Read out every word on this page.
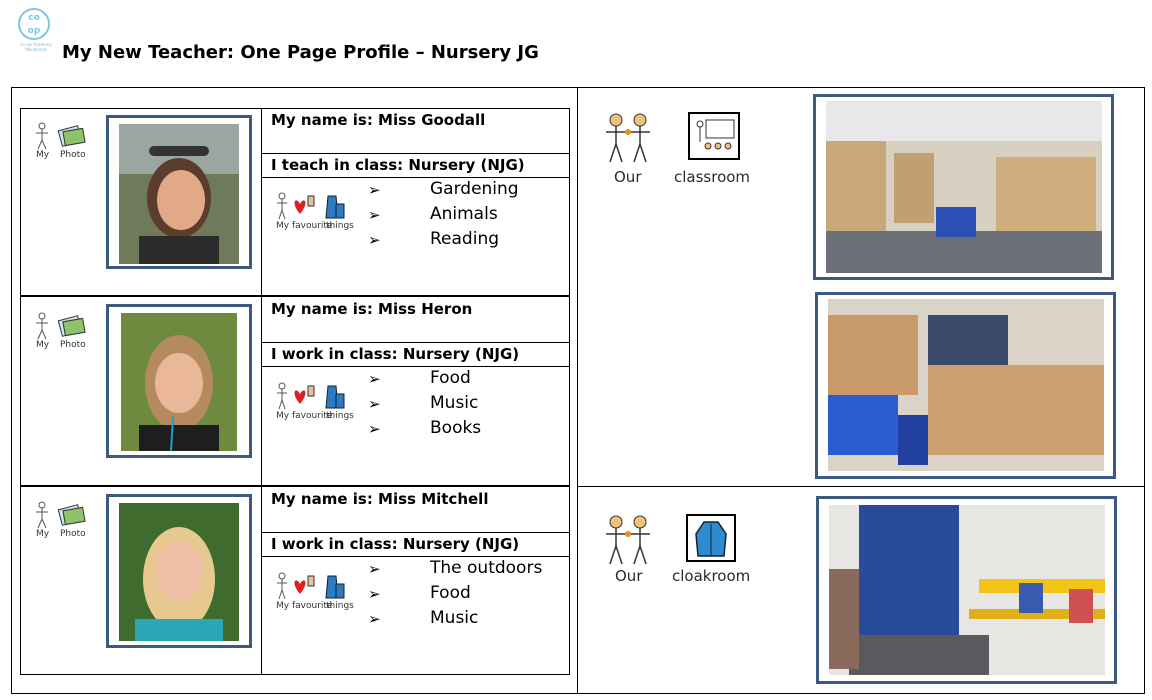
co
op
Co-op Academy Woodlands My New Teacher: One Page Profile – Nursery JG
My Photo
My name is: Miss Goodall
I teach in class: Nursery (NJG)
My favourite
things
➢
➢
➢
Gardening
Animals
Reading
My Photo
My name is: Miss Heron
I work in class: Nursery (NJG)
My favourite
things
➢
➢
➢
Food
Music
Books
My Photo
My name is: Miss Mitchell
I work in class: Nursery (NJG)
My favourite
things
➢
➢
➢
The outdoors
Food
Music
Our classroom
Our cloakroom
